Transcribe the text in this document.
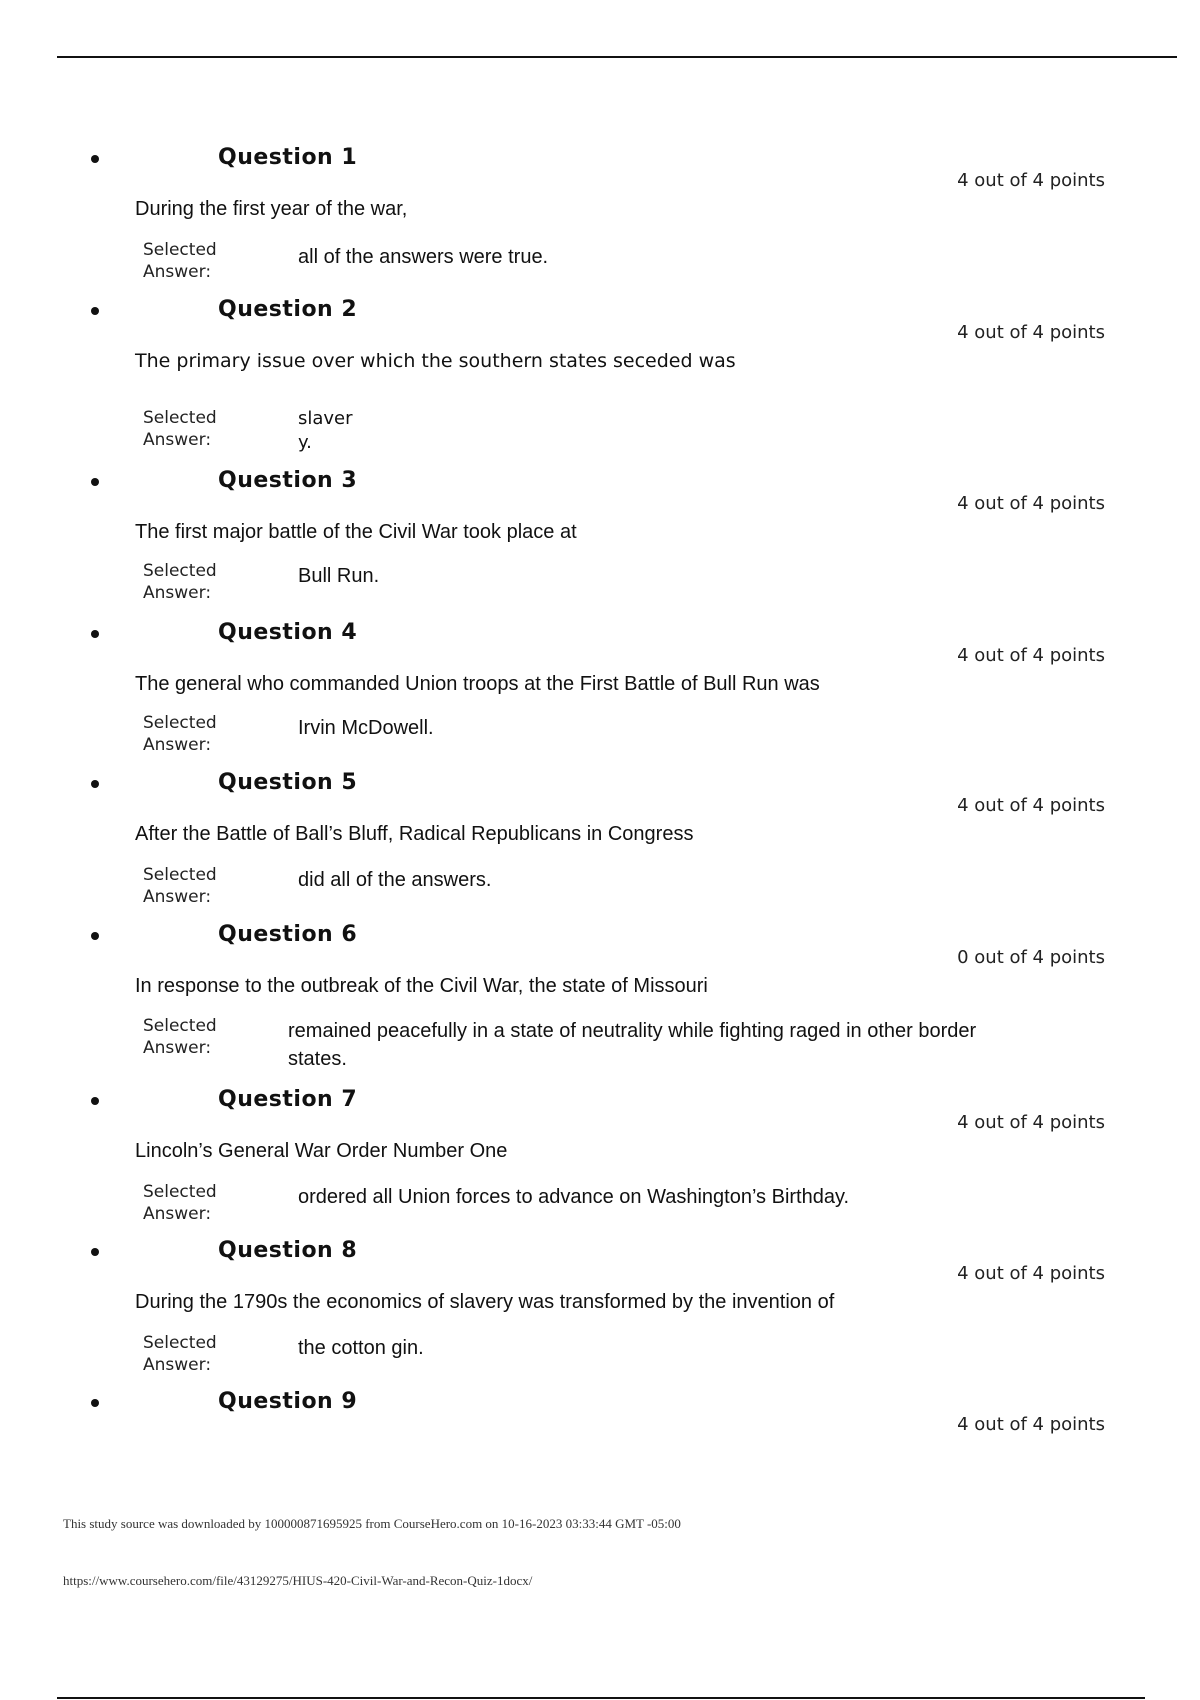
Question 1
4 out of 4 points
During the first year of the war,
Selected
Answer:
all of the answers were true.
Question 2
4 out of 4 points
The primary issue over which the southern states seceded was
Selected
Answer:
slaver
y.
Question 3
4 out of 4 points
The first major battle of the Civil War took place at
Selected
Answer:
Bull Run.
Question 4
4 out of 4 points
The general who commanded Union troops at the First Battle of Bull Run was
Selected
Answer:
Irvin McDowell.
Question 5
4 out of 4 points
After the Battle of Ball’s Bluff, Radical Republicans in Congress
Selected
Answer:
did all of the answers.
Question 6
0 out of 4 points
In response to the outbreak of the Civil War, the state of Missouri
Selected
Answer:
remained peacefully in a state of neutrality while fighting raged in other border states.
Question 7
4 out of 4 points
Lincoln’s General War Order Number One
Selected
Answer:
ordered all Union forces to advance on Washington’s Birthday.
Question 8
4 out of 4 points
During the 1790s the economics of slavery was transformed by the invention of
Selected
Answer:
the cotton gin.
Question 9
4 out of 4 points
This study source was downloaded by 100000871695925 from CourseHero.com on 10-16-2023 03:33:44 GMT -05:00
https://www.coursehero.com/file/43129275/HIUS-420-Civil-War-and-Recon-Quiz-1docx/
